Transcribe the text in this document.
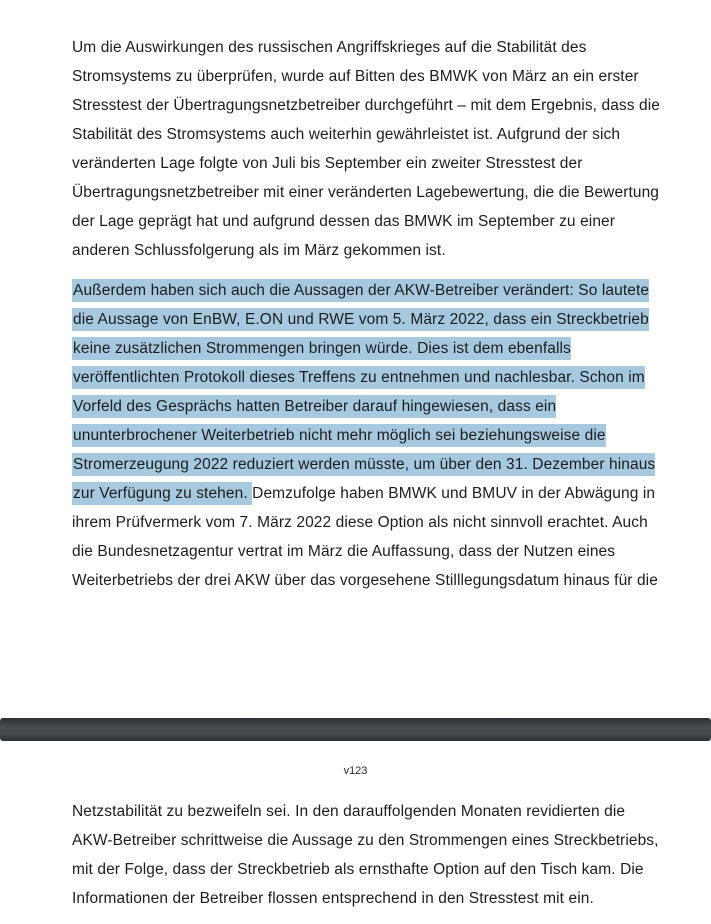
Um die Auswirkungen des russischen Angriffskrieges auf die Stabilität des
Stromsystems zu überprüfen, wurde auf Bitten des BMWK von März an ein erster
Stresstest der Übertragungsnetzbetreiber durchgeführt – mit dem Ergebnis, dass die
Stabilität des Stromsystems auch weiterhin gewährleistet ist. Aufgrund der sich
veränderten Lage folgte von Juli bis September ein zweiter Stresstest der
Übertragungsnetzbetreiber mit einer veränderten Lagebewertung, die die Bewertung
der Lage geprägt hat und aufgrund dessen das BMWK im September zu einer
anderen Schlussfolgerung als im März gekommen ist.
Außerdem haben sich auch die Aussagen der AKW-Betreiber verändert: So lautete
die Aussage von EnBW, E.ON und RWE vom 5. März 2022, dass ein Streckbetrieb
keine zusätzlichen Strommengen bringen würde. Dies ist dem ebenfalls
veröffentlichten Protokoll dieses Treffens zu entnehmen und nachlesbar. Schon im
Vorfeld des Gesprächs hatten Betreiber darauf hingewiesen, dass ein
ununterbrochener Weiterbetrieb nicht mehr möglich sei beziehungsweise die
Stromerzeugung 2022 reduziert werden müsste, um über den 31. Dezember hinaus
zur Verfügung zu stehen. Demzufolge haben BMWK und BMUV in der Abwägung in
ihrem Prüfvermerk vom 7. März 2022 diese Option als nicht sinnvoll erachtet. Auch
die Bundesnetzagentur vertrat im März die Auffassung, dass der Nutzen eines
Weiterbetriebs der drei AKW über das vorgesehene Stilllegungsdatum hinaus für die
v123
Netzstabilität zu bezweifeln sei. In den darauffolgenden Monaten revidierten die
AKW-Betreiber schrittweise die Aussage zu den Strommengen eines Streckbetriebs,
mit der Folge, dass der Streckbetrieb als ernsthafte Option auf den Tisch kam. Die
Informationen der Betreiber flossen entsprechend in den Stresstest mit ein.
